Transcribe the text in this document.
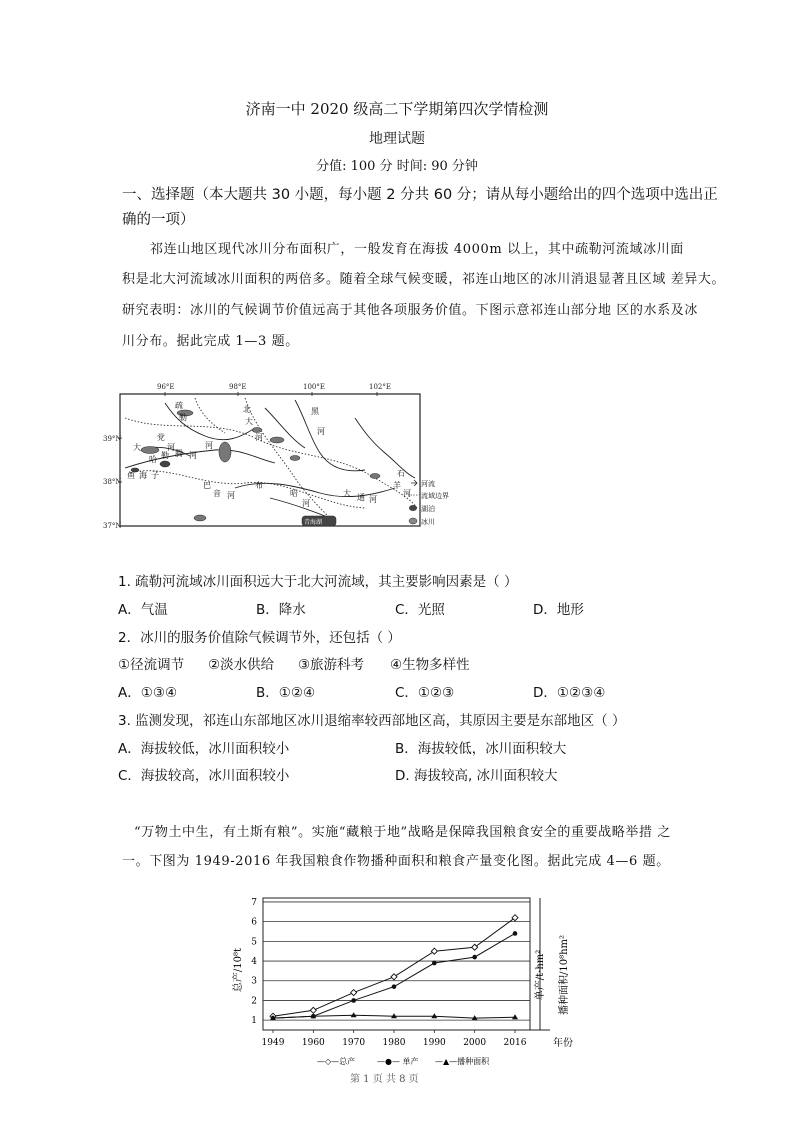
济南一中 2020 级高二下学期第四次学情检测
地理试题
分值: 100 分 时间: 90 分钟
一、选择题（本大题共 30 小题，每小题 2 分共 60 分；请从每小题给出的四个选项中选出正
确的一项）
祁连山地区现代冰川分布面积广，一般发育在海拔 4000m 以上，其中疏勒河流域冰川面
积是北大河流域冰川面积的两倍多。随着全球气候变暖，祁连山地区的冰川消退显著且区域 差异大。
研究表明：冰川的气候调节价值远高于其他各项服务价值。下图示意祁连山部分地 区的水系及冰
川分布。据此完成 1—3 题。
96°E	98°E	100°E	102°E
39°N
38°N
37°N
疏
勒
北
大
河
党
河
黑
河
大	河
鱼 海 子
哈 勒 腾 河
布
哈
河
巴
音 河
石
羊
河
大 通 河
青海湖
河流
流域边界
湖泊
冰川
1. 疏勒河流域冰川面积远大于北大河流域，其主要影响因素是（ ）
A．气温	B．降水	C．光照	D．地形
2．冰川的服务价值除气候调节外，还包括（ ）
①径流调节 ②淡水供给 ③旅游科考 ④生物多样性
A．①③④	B．①②④	C．①②③	D．①②③④
3. 监测发现，祁连山东部地区冰川退缩率较西部地区高，其原因主要是东部地区（ ）
A．海拔较低，冰川面积较小	B．海拔较低，冰川面积较大
C．海拔较高，冰川面积较小	D. 海拔较高, 冰川面积较大
“万物土中生，有土斯有粮”。实施“藏粮于地”战略是保障我国粮食安全的重要战略举措 之
一。下图为 1949-2016 年我国粮食作物播种面积和粮食产量变化图。据此完成 4—6 题。
1
2
3
4
5
6
7
1949 1960 1970 1980 1990 2000 2016
总产/10⁸t	单产/t·hm² 播种面积/10⁸hm²
年份
—◇—总产	—●— 单产 —▲—播种面积
第 1 页 共 8 页
